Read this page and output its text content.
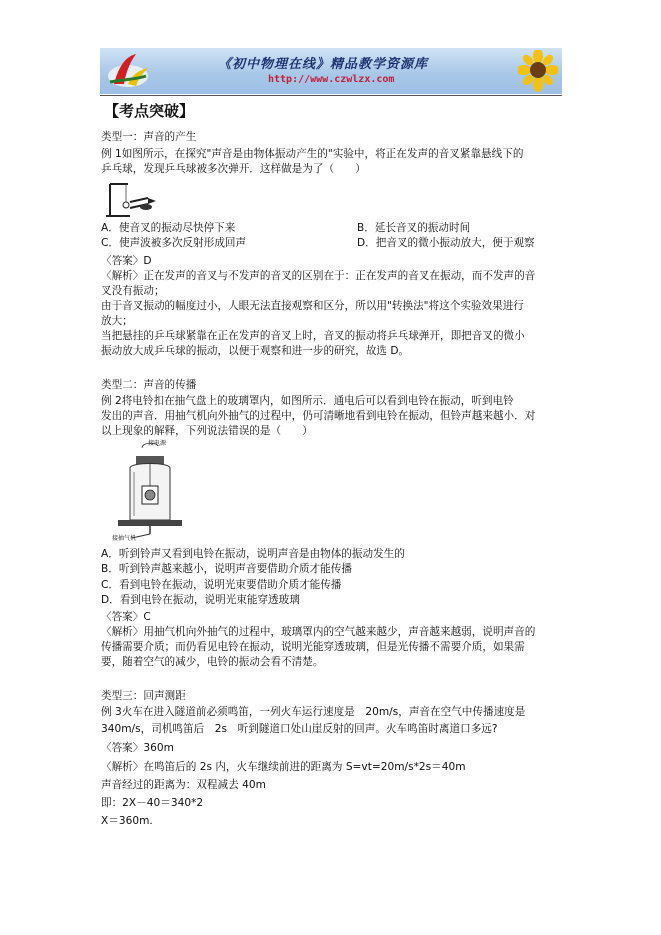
《初中物理在线》精品教学资源库
http://www.czwlzx.com
【考点突破】
类型一：声音的产生
例 1如图所示，在探究"声音是由物体振动产生的"实验中，将正在发声的音叉紧靠悬线下的
乒乓球，发现乒乓球被多次弹开．这样做是为了（　　）
A．使音叉的振动尽快停下来	B．延长音叉的振动时间
C．使声波被多次反射形成回声	D．把音叉的微小振动放大，便于观察
〈答案〉D
〈解析〉正在发声的音叉与不发声的音叉的区别在于：正在发声的音叉在振动，而不发声的音
叉没有振动；
由于音叉振动的幅度过小，人眼无法直接观察和区分，所以用"转换法"将这个实验效果进行
放大；
当把悬挂的乒乓球紧靠在正在发声的音叉上时，音叉的振动将乒乓球弹开，即把音叉的微小
振动放大成乒乓球的振动，以便于观察和进一步的研究，故选 D。
类型二：声音的传播
例 2将电铃扣在抽气盘上的玻璃罩内，如图所示．通电后可以看到电铃在振动，听到电铃
发出的声音．用抽气机向外抽气的过程中，仍可清晰地看到电铃在振动，但铃声越来越小．对
以上现象的解释，下列说法错误的是（　　）
接电源
接抽气机
A．听到铃声又看到电铃在振动，说明声音是由物体的振动发生的
B．听到铃声越来越小，说明声音要借助介质才能传播
C．看到电铃在振动，说明光束要借助介质才能传播
D．看到电铃在振动，说明光束能穿透玻璃
〈答案〉C
〈解析〉用抽气机向外抽气的过程中，玻璃罩内的空气越来越少，声音越来越弱，说明声音的
传播需要介质；而仍看见电铃在振动，说明光能穿透玻璃，但是光传播不需要介质，如果需
要，随着空气的减少，电铃的振动会看不清楚。
类型三：回声测距
例 3火车在进入隧道前必须鸣笛，一列火车运行速度是　20m/s，声音在空气中传播速度是
340m/s，司机鸣笛后　2s　听到隧道口处山崖反射的回声。火车鸣笛时离道口多远?
〈答案〉360m
〈解析〉在鸣笛后的 2s 内，火车继续前进的距离为 S=vt=20m/s*2s＝40m
声音经过的距离为：双程减去 40m
即：2X－40＝340*2
X＝360m.
